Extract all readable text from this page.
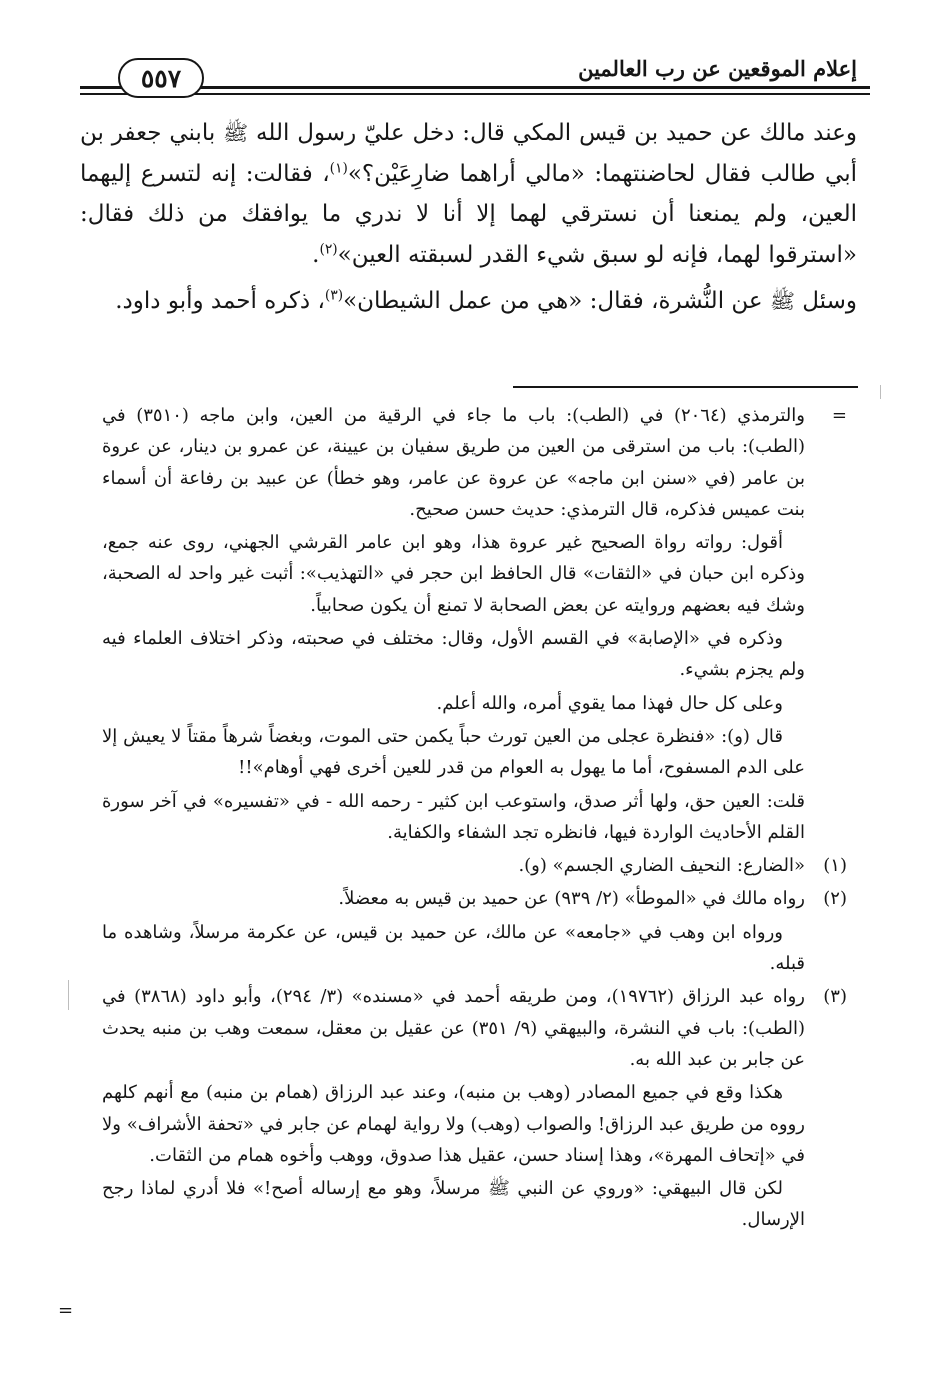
إعلام الموقعين عن رب العالمين
٥٥٧

وعند مالك عن حميد بن قيس المكي قال: دخل عليّ رسول الله ﷺ بابني جعفر بن أبي طالب فقال لحاضنتهما: «مالي أراهما ضارِعَيْن؟»$^{(١)}$، فقالت: إنه لتسرع إليهما العين، ولم يمنعنا أن نسترقي لهما إلا أنا لا ندري ما يوافقك من ذلك فقال: «استرقوا لهما، فإنه لو سبق شيء القدر لسبقته العين»$^{(٢)}$.

وسئل ﷺ عن النُّشرة، فقال: «هي من عمل الشيطان»$^{(٣)}$، ذكره أحمد وأبو داود.

=

والترمذي (٢٠٦٤) في (الطب): باب ما جاء في الرقية من العين، وابن ماجه (٣٥١٠) في (الطب): باب من استرقى من العين من طريق سفيان بن عيينة، عن عمرو بن دينار، عن عروة بن عامر (في «سنن ابن ماجه» عن عروة عن عامر، وهو خطأ) عن عبيد بن رفاعة أن أسماء بنت عميس فذكره، قال الترمذي: حديث حسن صحيح.

أقول: رواته رواة الصحيح غير عروة هذا، وهو ابن عامر القرشي الجهني، روى عنه جمع، وذكره ابن حبان في «الثقات» قال الحافظ ابن حجر في «التهذيب»: أثبت غير واحد له الصحبة، وشك فيه بعضهم وروايته عن بعض الصحابة لا تمنع أن يكون صحابياً.

وذكره في «الإصابة» في القسم الأول، وقال: مختلف في صحبته، وذكر اختلاف العلماء فيه ولم يجزم بشيء.

وعلى كل حال فهذا مما يقوي أمره، والله أعلم.

قال (و): «فنظرة عجلى من العين تورث حباً يكمن حتى الموت، وبغضاً شرهاً مقتاً لا يعيش إلا على الدم المسفوح، أما ما يهول به العوام من قدر للعين أخرى فهي أوهام»!!

قلت: العين حق، ولها أثر صدق، واستوعب ابن كثير - رحمه الله - في «تفسيره» في آخر سورة القلم الأحاديث الواردة فيها، فانظره تجد الشفاء والكفاية.

(١)

«الضارع: النحيف الضاري الجسم» (و).

(٢)

رواه مالك في «الموطأ» (٢/ ٩٣٩) عن حميد بن قيس به معضلاً.

ورواه ابن وهب في «جامعه» عن مالك، عن حميد بن قيس، عن عكرمة مرسلاً، وشاهده ما قبله.

(٣)

رواه عبد الرزاق (١٩٧٦٢)، ومن طريقه أحمد في «مسنده» (٣/ ٢٩٤)، وأبو داود (٣٨٦٨) في (الطب): باب في النشرة، والبيهقي (٩/ ٣٥١) عن عقيل بن معقل، سمعت وهب بن منبه يحدث عن جابر بن عبد الله به.

هكذا وقع في جميع المصادر (وهب بن منبه)، وعند عبد الرزاق (همام بن منبه) مع أنهم كلهم رووه من طريق عبد الرزاق! والصواب (وهب) ولا رواية لهمام عن جابر في «تحفة الأشراف» ولا في «إتحاف المهرة»، وهذا إسناد حسن، عقيل هذا صدوق، ووهب وأخوه همام من الثقات.

لكن قال البيهقي: «وروي عن النبي ﷺ مرسلاً، وهو مع إرساله أصح!» فلا أدري لماذا رجح الإرسال.

=
